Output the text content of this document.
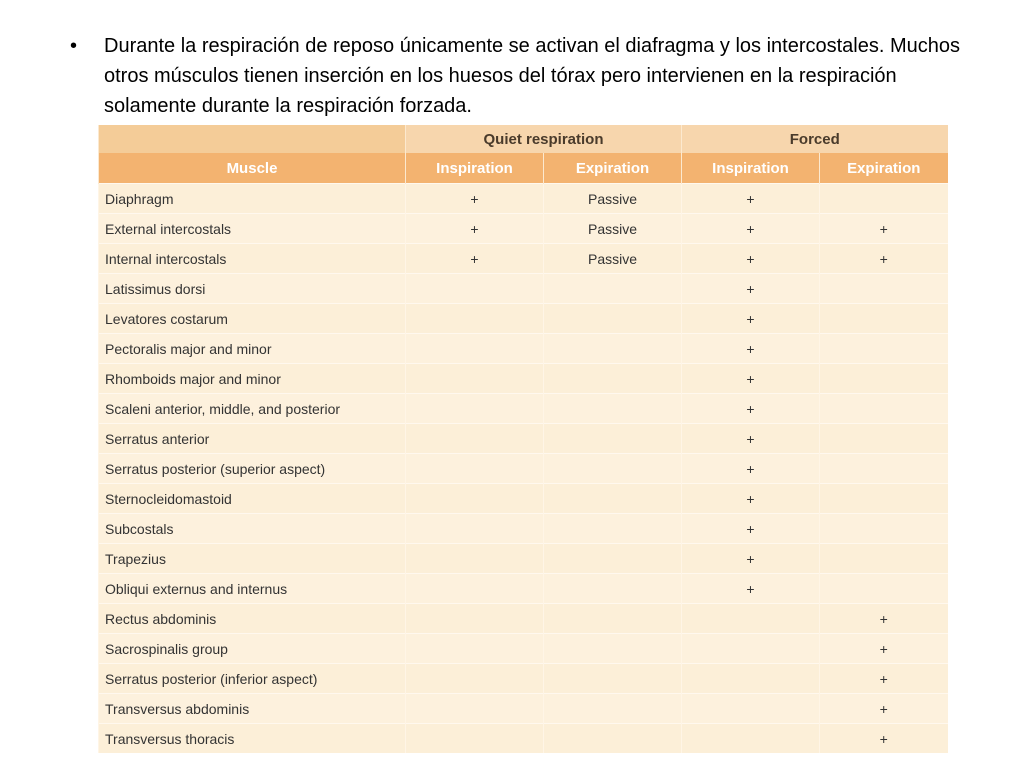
•	Durante la respiración de reposo únicamente se activan el diafragma y los intercostales. Muchos otros músculos tienen inserción en los huesos del tórax pero intervienen en la respiración solamente durante la respiración forzada.
	Quiet respiration		Forced	
Muscle	Inspiration	Expiration	Inspiration	Expiration
Diaphragm	+	Passive	+	
External intercostals	+	Passive	+	+
Internal intercostals	+	Passive	+	+
Latissimus dorsi			+	
Levatores costarum			+	
Pectoralis major and minor			+	
Rhomboids major and minor			+	
Scaleni anterior, middle, and posterior			+	
Serratus anterior			+	
Serratus posterior (superior aspect)			+	
Sternocleidomastoid			+	
Subcostals			+	
Trapezius			+	
Obliqui externus and internus			+	
Rectus abdominis				+
Sacrospinalis group				+
Serratus posterior (inferior aspect)				+
Transversus abdominis				+
Transversus thoracis				+
